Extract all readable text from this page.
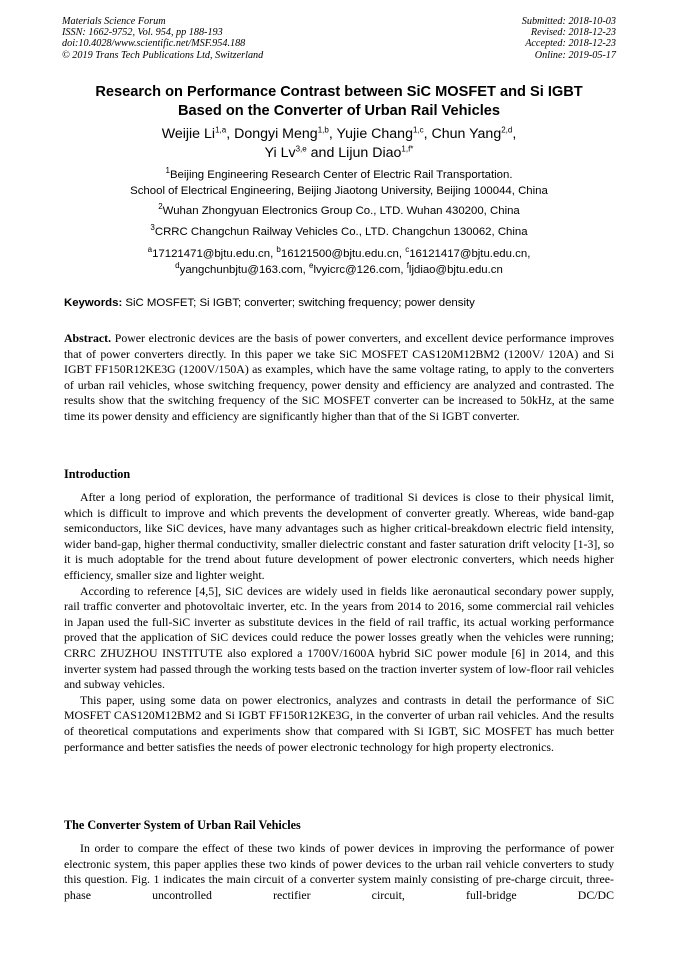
Materials Science Forum
ISSN: 1662-9752, Vol. 954, pp 188-193
doi:10.4028/www.scientific.net/MSF.954.188
© 2019 Trans Tech Publications Ltd, Switzerland
Submitted: 2018-10-03
Revised: 2018-12-23
Accepted: 2018-12-23
Online: 2019-05-17
Research on Performance Contrast between SiC MOSFET and Si IGBT
Based on the Converter of Urban Rail Vehicles
Weijie Li$^{1,a}$, Dongyi Meng$^{1,b}$, Yujie Chang$^{1,c}$, Chun Yang$^{2,d}$,
Yi Lv$^{3,e}$ and Lijun Diao$^{1,f*}$
$^1$Beijing Engineering Research Center of Electric Rail Transportation.
School of Electrical Engineering, Beijing Jiaotong University, Beijing 100044, China
$^2$Wuhan Zhongyuan Electronics Group Co., LTD. Wuhan 430200, China
$^3$CRRC Changchun Railway Vehicles Co., LTD. Changchun 130062, China
$^a$17121471@bjtu.edu.cn, $^b$16121500@bjtu.edu.cn, $^c$16121417@bjtu.edu.cn,
$^d$yangchunbjtu@163.com, $^e$lvyicrc@126.com, $^f$ljdiao@bjtu.edu.cn
Keywords: SiC MOSFET; Si IGBT; converter; switching frequency; power density

Abstract. Power electronic devices are the basis of power converters, and excellent device performance improves that of power converters directly. In this paper we take SiC MOSFET CAS120M12BM2 (1200V/ 120A) and Si IGBT FF150R12KE3G (1200V/150A) as examples, which have the same voltage rating, to apply to the converters of urban rail vehicles, whose switching frequency, power density and efficiency are analyzed and contrasted. The results show that the switching frequency of the SiC MOSFET converter can be increased to 50kHz, at the same time its power density and efficiency are significantly higher than that of the Si IGBT converter.

Introduction

After a long period of exploration, the performance of traditional Si devices is close to their physical limit, which is difficult to improve and which prevents the development of converter greatly. Whereas, wide band-gap semiconductors, like SiC devices, have many advantages such as higher critical-breakdown electric field intensity, wider band-gap, higher thermal conductivity, smaller dielectric constant and faster saturation drift velocity [1-3], so it is much adoptable for the trend about future development of power electronic converters, which needs higher efficiency, smaller size and lighter weight.

According to reference [4,5], SiC devices are widely used in fields like aeronautical secondary power supply, rail traffic converter and photovoltaic inverter, etc. In the years from 2014 to 2016, some commercial rail vehicles in Japan used the full-SiC inverter as substitute devices in the field of rail traffic, its actual working performance proved that the application of SiC devices could reduce the power losses greatly when the vehicles were running; CRRC ZHUZHOU INSTITUTE also explored a 1700V/1600A hybrid SiC power module [6] in 2014, and this inverter system had passed through the working tests based on the traction inverter system of low-floor rail vehicles and subway vehicles.

This paper, using some data on power electronics, analyzes and contrasts in detail the performance of SiC MOSFET CAS120M12BM2 and Si IGBT FF150R12KE3G, in the converter of urban rail vehicles. And the results of theoretical computations and experiments show that compared with Si IGBT, SiC MOSFET has much better performance and better satisfies the needs of power electronic technology for high property electronics.

The Converter System of Urban Rail Vehicles

In order to compare the effect of these two kinds of power devices in improving the performance of power electronic system, this paper applies these two kinds of power devices to the urban rail vehicle converters to study this question. Fig. 1 indicates the main circuit of a converter system mainly consisting of pre-charge circuit, three-phase uncontrolled rectifier circuit, full-bridge DC/DC
